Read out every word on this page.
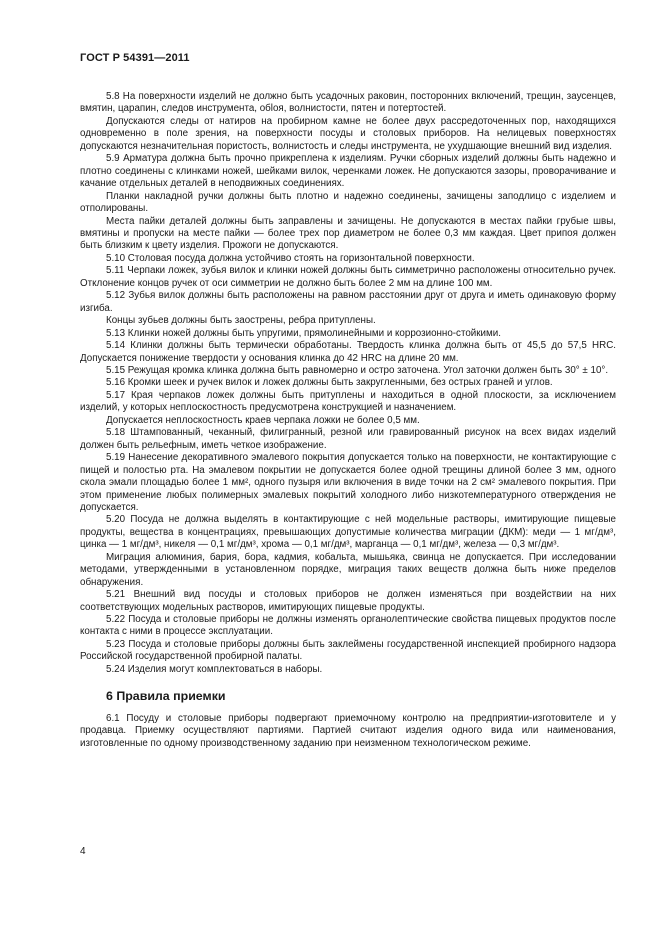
ГОСТ Р 54391—2011

5.8 На поверхности изделий не должно быть усадочных раковин, посторонних включений, трещин, заусенцев, вмятин, царапин, следов инструмента, обloя, волнистости, пятен и потертостей.

Допускаются следы от натиров на пробирном камне не более двух рассредоточенных пор, находящихся одновременно в поле зрения, на поверхности посуды и столовых приборов. На нелицевых поверхностях допускаются незначительная пористость, волнистость и следы инструмента, не ухудшающие внешний вид изделия.

5.9 Арматура должна быть прочно прикреплена к изделиям. Ручки сборных изделий должны быть надежно и плотно соединены с клинками ножей, шейками вилок, черенками ложек. Не допускаются зазоры, проворачивание и качание отдельных деталей в неподвижных соединениях.

Планки накладной ручки должны быть плотно и надежно соединены, зачищены заподлицо с изделием и отполированы.

Места пайки деталей должны быть заправлены и зачищены. Не допускаются в местах пайки грубые швы, вмятины и пропуски на месте пайки — более трех пор диаметром не более 0,3 мм каждая. Цвет припоя должен быть близким к цвету изделия. Прожоги не допускаются.

5.10 Столовая посуда должна устойчиво стоять на горизонтальной поверхности.

5.11 Черпаки ложек, зубья вилок и клинки ножей должны быть симметрично расположены относительно ручек. Отклонение концов ручек от оси симметрии не должно быть более 2 мм на длине 100 мм.

5.12 Зубья вилок должны быть расположены на равном расстоянии друг от друга и иметь одинаковую форму изгиба.

Концы зубьев должны быть заострены, ребра притуплены.

5.13 Клинки ножей должны быть упругими, прямолинейными и коррозионно-стойкими.

5.14 Клинки должны быть термически обработаны. Твердость клинка должна быть от 45,5 до 57,5 HRC. Допускается понижение твердости у основания клинка до 42 HRC на длине 20 мм.

5.15 Режущая кромка клинка должна быть равномерно и остро заточена. Угол заточки должен быть 30° ± 10°.

5.16 Кромки шеек и ручек вилок и ложек должны быть закругленными, без острых граней и углов.

5.17 Края черпаков ложек должны быть притуплены и находиться в одной плоскости, за исключением изделий, у которых неплоскостность предусмотрена конструкцией и назначением.

Допускается неплоскостность краев черпака ложки не более 0,5 мм.

5.18 Штампованный, чеканный, филигранный, резной или гравированный рисунок на всех видах изделий должен быть рельефным, иметь четкое изображение.

5.19 Нанесение декоративного эмалевого покрытия допускается только на поверхности, не контактирующие с пищей и полостью рта. На эмалевом покрытии не допускается более одной трещины длиной более 3 мм, одного скола эмали площадью более 1 мм², одного пузыря или включения в виде точки на 2 см² эмалевого покрытия. При этом применение любых полимерных эмалевых покрытий холодного либо низкотемпературного отверждения не допускается.

5.20 Посуда не должна выделять в контактирующие с ней модельные растворы, имитирующие пищевые продукты, вещества в концентрациях, превышающих допустимые количества миграции (ДКМ): меди — 1 мг/дм³, цинка — 1 мг/дм³, никеля — 0,1 мг/дм³, хрома — 0,1 мг/дм³, марганца — 0,1 мг/дм³, железа — 0,3 мг/дм³.

Миграция алюминия, бария, бора, кадмия, кобальта, мышьяка, свинца не допускается. При исследовании методами, утвержденными в установленном порядке, миграция таких веществ должна быть ниже пределов обнаружения.

5.21 Внешний вид посуды и столовых приборов не должен изменяться при воздействии на них соответствующих модельных растворов, имитирующих пищевые продукты.

5.22 Посуда и столовые приборы не должны изменять органолептические свойства пищевых продуктов после контакта с ними в процессе эксплуатации.

5.23 Посуда и столовые приборы должны быть заклеймены государственной инспекцией пробирного надзора Российской государственной пробирной палаты.

5.24 Изделия могут комплектоваться в наборы.

6 Правила приемки

6.1 Посуду и столовые приборы подвергают приемочному контролю на предприятии-изготовителе и у продавца. Приемку осуществляют партиями. Партией считают изделия одного вида или наименования, изготовленные по одному производственному заданию при неизменном технологическом режиме.

4
